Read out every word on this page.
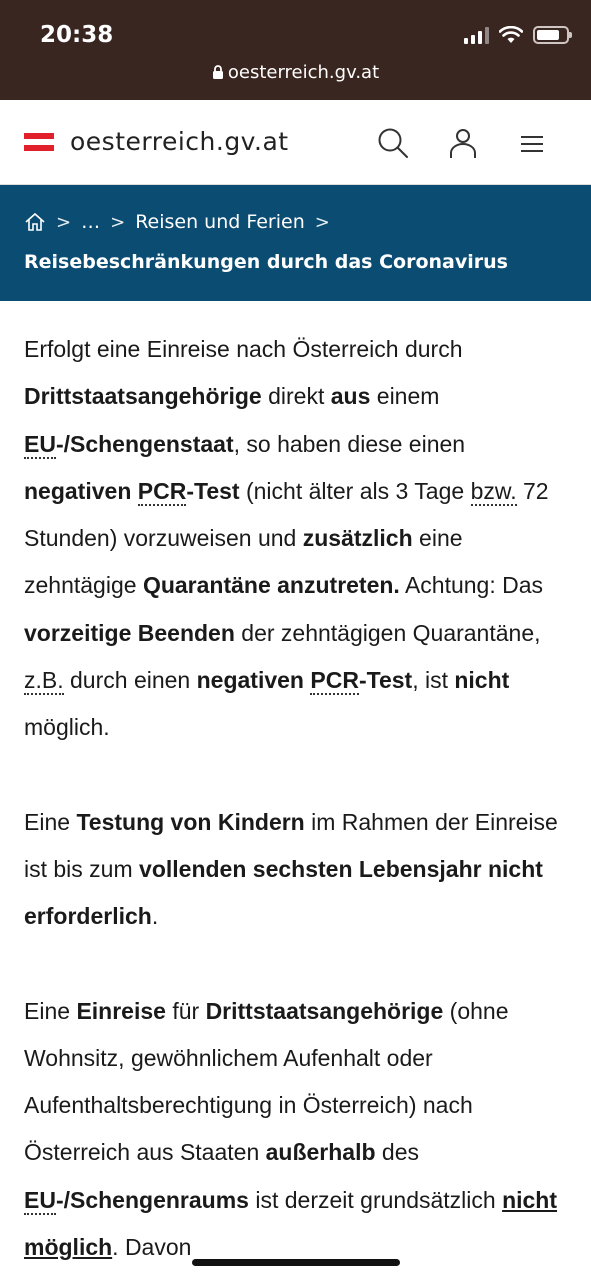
20:38
oesterreich.gv.at
oesterreich.gv.at
> … > Reisen und Ferien >
Reisebeschränkungen durch das Coronavirus

Erfolgt eine Einreise nach Österreich durch Drittstaatsangehörige direkt aus einem EU-/Schengenstaat, so haben diese einen negativen PCR-Test (nicht älter als 3 Tage bzw. 72 Stunden) vorzuweisen und zusätzlich eine zehntägige Quarantäne anzutreten. Achtung: Das vorzeitige Beenden der zehntägigen Quarantäne, z.B. durch einen negativen PCR-Test, ist nicht möglich.

Eine Testung von Kindern im Rahmen der Einreise ist bis zum vollenden sechsten Lebensjahr nicht erforderlich.

Eine Einreise für Drittstaatsangehörige (ohne Wohnsitz, gewöhnlichem Aufenhalt oder Aufenthaltsberechtigung in Österreich) nach Österreich aus Staaten außerhalb des EU-/Schengenraums ist derzeit grundsätzlich nicht möglich. Davon
